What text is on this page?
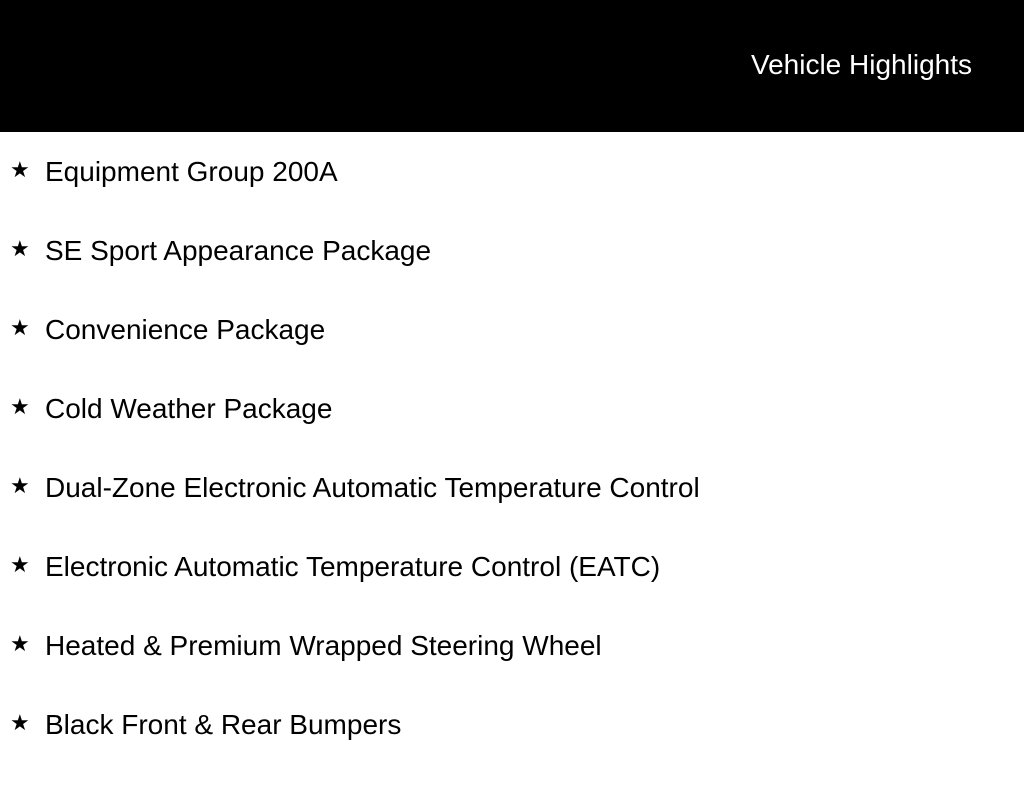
Vehicle Highlights
★ Equipment Group 200A
★ SE Sport Appearance Package
★ Convenience Package
★ Cold Weather Package
★ Dual-Zone Electronic Automatic Temperature Control
★ Electronic Automatic Temperature Control (EATC)
★ Heated & Premium Wrapped Steering Wheel
★ Black Front & Rear Bumpers
